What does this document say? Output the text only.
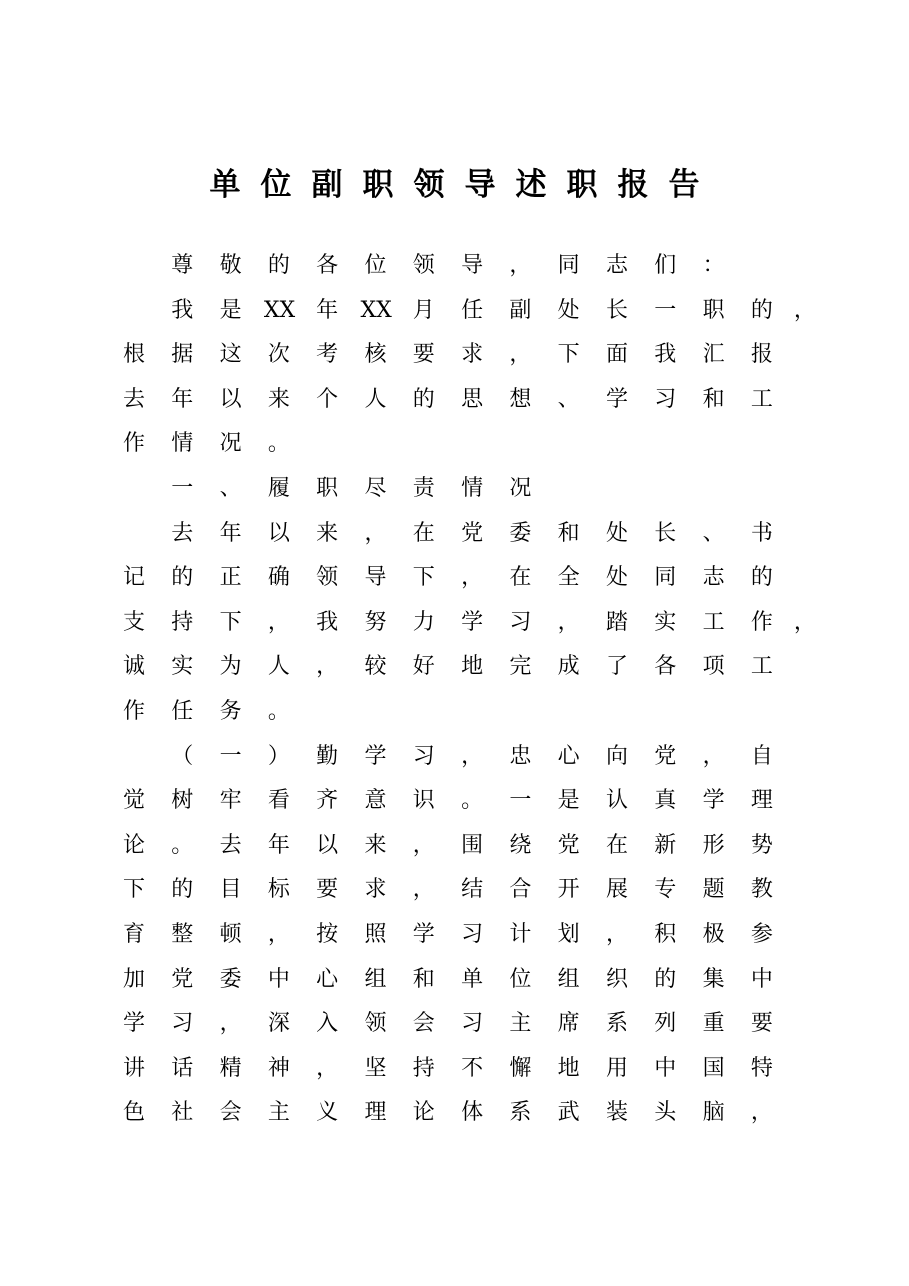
单位副职领导述职报告
尊 敬 的 各 位 领 导 ， 同 志 们 ：
我 是 XX 年 XX 月 任 副 处 长 一 职 的 ，
根 据 这 次 考 核 要 求 ， 下 面 我 汇 报
去 年 以 来 个 人 的 思 想 、 学 习 和 工
作 情 况 。
一 、 履 职 尽 责 情 况
去 年 以 来 ， 在 党 委 和 处 长 、 书
记 的 正 确 领 导 下 ， 在 全 处 同 志 的
支 持 下 ， 我 努 力 学 习 ， 踏 实 工 作 ，
诚 实 为 人 ， 较 好 地 完 成 了 各 项 工
作 任 务 。
（ 一 ） 勤 学 习 ， 忠 心 向 党 ， 自
觉 树 牢 看 齐 意 识 。 一 是 认 真 学 理
论 。 去 年 以 来 ， 围 绕 党 在 新 形 势
下 的 目 标 要 求 ， 结 合 开 展 专 题 教
育 整 顿 ， 按 照 学 习 计 划 ， 积 极 参
加 党 委 中 心 组 和 单 位 组 织 的 集 中
学 习 ， 深 入 领 会 习 主 席 系 列 重 要
讲 话 精 神 ， 坚 持 不 懈 地 用 中 国 特
色 社 会 主 义 理 论 体 系 武 装 头 脑 ，
